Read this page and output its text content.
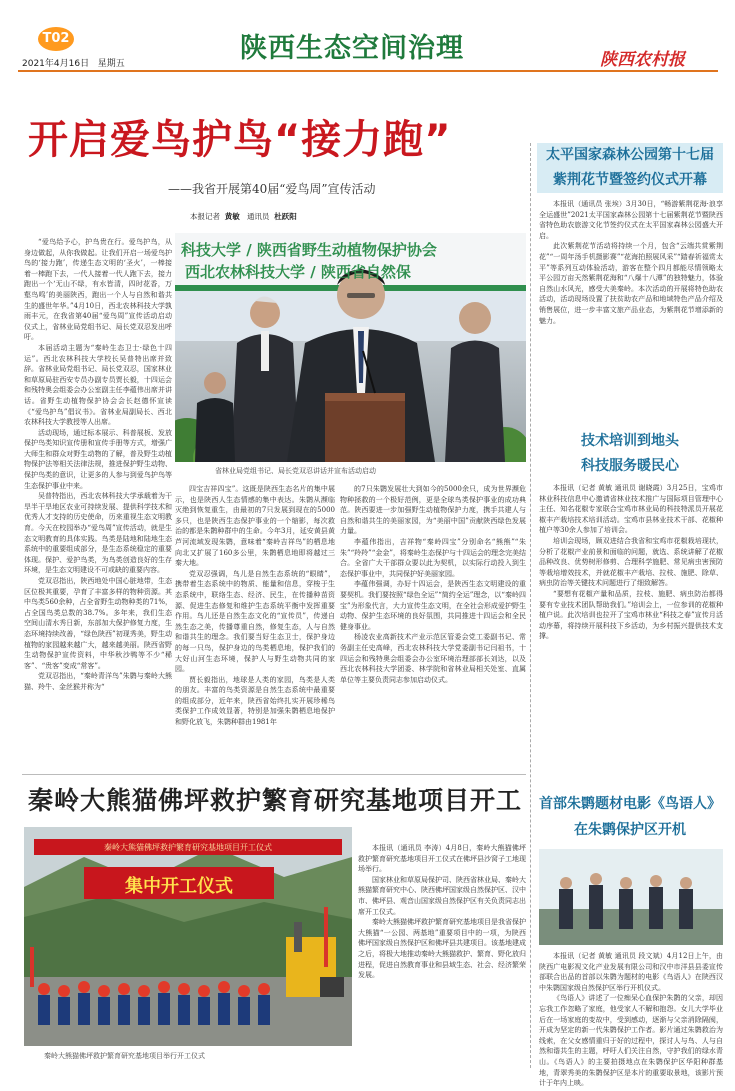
T02	陕西生态空间治理
2021年4月16日 星期五	陕西农村报
开启爱鸟护鸟“接力跑”
——我省开展第40届“爱鸟周”宣传活动
本报记者 黄敏 通讯员 杜跃阳

“爱鸟给予心，护鸟贵在行。爱鸟护鸟，从身边做起，从你我做起。让我们开启一场爱鸟护鸟的‘接力跑’，传递生态文明的‘圣火’，一棒接着一棒跑下去，一代人接着一代人跑下去，接力跑出一个‘无山不绿，有水皆清，四时花香，万壑鸟鸣’的美丽陕西，跑出一个人与自然和谐共生的盛世年华。”4月10日，西北农林科技大学孰雨丰元，在我省第40届“爱鸟周”宣传活动启动仪式上，省林业局党组书记、局长党双忍发出呼吁。

本届活动主题为“秦岭生态卫士·绿色十四运”。西北农林科技大学校长吴普特出席并致辞。省林业局党组书记、局长党双忍，国家林业和草原局驻西安专员办副专员贾长毅，十四运会和残特奥会组委会办公室副主任李蕴伟出席并讲话。省野生动植物保护协会会长赵德怀宣读《“爱鸟护鸟”倡议书》。省林业局副局长、西北农林科技大学教授等人出席。

活动现场，通过标本展示、科普展板、发放保护鸟类知识宣传册和宣传手册等方式，增强广大师生和群众对野生动物的了解，普及野生动植物保护法等相关法律法规，推进保护野生动物、保护鸟类的意识，让更多的人参与到爱鸟护鸟等生态保护事业中来。

吴普特指出，西北农林科技大学承载着为干旱半干旱地区农业可持续发展、提供科学技术和优秀人才支持的历史使命，历来重视生态文明教育。今天在校园举办“爱鸟周”宣传活动，就是生态文明教育的具体实践。鸟类是陆地和陆地生态系统中的重要组成部分，是生态系统稳定的重要体现。保护、爱护鸟类，为鸟类创造良好的生存环境，是生态文明建设不可或缺的重要内容。

党双忍指出，陕西地处中国心脏地带，生态区位极其重要，孕育了丰富多样的物种资源。其中鸟类560余种，占全省野生动物种类的71%，占全国鸟类总数的38.7%。多年来，我们生态空间山清水秀日新，东部加大保护修复力度，生态环境持续改善，“绿色陕西”初现秀美，野生动植物的家园越来越广大，越来越美丽。陕西省野生动物保护宣传资料，中华秋沙鸭等不少“稀客”、“贵客”变成“常客”。

党双忍指出，“秦岭青洋鸟”朱鹮与秦岭大熊猫、羚牛、金丝猴并称为“

科技大学 / 陕西省野生动植物保护协会
西北农林科技大学 / 陕西省自然保
省林业局党组书记、局长党双忍讲话并宣布活动启动

四宝吉祥四宝”。这既是陕西生态名片的集中展示，也是陕西人生态情感的集中表达。朱鹮从濒临灭绝到恢复重生，由最初的7只发展到现在的5000多只，也是陕西生态保护事业的一个缩影，每次救治的都是朱鹮种群中的生命。今年3月，延安黄县黄芦河流域发现朱鹮，意味着“秦岭吉祥鸟”的栖息地向北又扩展了160多公里，朱鹮栖息地即将越过三秦大地。

党双忍强调，鸟儿是自然生态系统的“眼睛”，携带着生态系统中的物质、能量和信息，穿梭于生态系统中，联络生态、经济、民生，在传播种苗资源、促进生态修复和维护生态系统平衡中发挥重要作用。鸟儿还是自然生态文化的“宣传员”，传递自然生态之美，传播尊重自然，修复生态，人与自然和谐共生的理念。我们要当好生态卫士，保护身边的每一只鸟，保护身边的鸟类栖息地，保护我们的大好山河生态环境，保护人与野生动物共同的家园。

贾长毅指出，地球是人类的家园，鸟类是人类的朋友。丰富的鸟类资源是自然生态系统中最重要的组成部分，近年来，陕西省始终扎实开展珍稀鸟类保护工作成效显著，特别是加强朱鹮栖息地保护和野化放飞，朱鹮种群由1981年

的7只朱鹮发展壮大到如今的5000余只，成为世界濒危物种拯救的一个极好范例，更是全球鸟类保护事业的成功典范。陕西要进一步加强野生动植物保护力度，携手共建人与自然和谐共生的美丽家园，为“美丽中国”贡献陕西绿色发展力量。

李蕴伟指出，吉祥物“秦岭四宝”分别命名“熊熊”“朱朱”“羚羚”“金金”，将秦岭生态保护与十四运会的理念完美结合。全省广大干部群众要以此为契机，以实际行动投入到生态保护事业中，共同保护好美丽家园。

李蕴伟强调，办好十四运会，是陕西生态文明建设的重要契机。我们要按照“绿色全运”“简约全运”理念，以“秦岭四宝”为形象代言，大力宣传生态文明，在全社会形成爱护野生动物、保护生态环境的良好氛围，共同推进十四运会和全民健身事业。

杨凌农业高新技术产业示范区管委会党工委副书记、常务副主任史高峰，西北农林科技大学党委副书记闫祖书，十四运会和残特奥会组委会办公室环境治理部部长刘达，以及西北农林科技大学团委、林学院和省林业局相关处室、直属单位等主要负责同志参加启动仪式。

秦岭大熊猫佛坪救护繁育研究基地项目开工
秦岭大熊猫佛坪救护繁育研究基地项目开工仪式
集中开工仪式
秦岭大熊猫佛坪救护繁育研究基地项目举行开工仪式

本报讯（通讯员 李涛）4月8日，秦岭大熊猫佛坪救护繁育研究基地项目开工仪式在佛坪县沙窝子工地现场举行。

国家林业和草原局保护司、陕西省林业局、秦岭大熊猫繁育研究中心、陕西佛坪国家级自然保护区、汉中市、佛坪县、观音山国家级自然保护区有关负责同志出席开工仪式。

秦岭大熊猫佛坪救护繁育研究基地项目是我省保护大熊猫“一公园、两基地”重要项目中的一项，为陕西佛坪国家级自然保护区和佛坪县共建项目。该基地建成之后，将极大地推动秦岭大熊猫救护、繁育、野化放归进程，促进自然教育事业和县域生态、社会、经济繁荣发展。

太平国家森林公园第十七届
紫荆花节暨签约仪式开幕

本报讯（通讯员 张埃）3月30日，“畅游紫荆花海·浪享全运盛世”2021太平国家森林公园第十七届紫荆花节暨陕西省特色助农旅游文化节签约仪式在太平国家森林公园盛大开启。

此次紫荆花节活动将持续一个月，包含“云端共赏紫荆花”“一周年汤手机摄影赛”“花海拍照展风采”“踏春祈福赏太平”等系列互动体验活动，游客在整个四月都能尽情领略太平公园万亩天然紫荆花海和“八爆十八潭”的独特魅力，体验自然山水风光，感受大美秦岭。本次活动的开展将特色助农活动，活动现场设置了扶贫助农产品和地域特色产品介绍及销售展位，进一步丰富文旅产品业态，为紫荆花节增添新的魅力。

技术培训到地头
科技服务暖民心

本报讯（记者 黄敏 通讯员 谢晓霞）3月25日，宝鸡市林业科技信息中心邀请省林业技术推广与国际项目管理中心主任、知名花椒专家联合宝鸡市林业局的科技特派员开展花椒丰产栽培技术培训活动。宝鸡市县林业技术干部、花椒种植户等30余人参加了培训会。

培训会现场，顾双进结合我省和宝鸡市花椒栽培现状，分析了花椒产业前景和面临的问题，就选、系统讲解了花椒品种改良、优势树形修剪、合理科学施肥、常见病虫害预防等栽培增效技术，并就花椒丰产栽培、拉枝、施肥、除草、病虫防治等关键技术问题进行了细致解答。

“要想有花椒产量和品质，拉枝、施肥、病虫防治都得要有专业技术团队帮助我们。”培训会上，一位参训的花椒种植户说。此次培训也拉开了宝鸡市林业“科技之春”宣传月活动序幕，将持续开展科技下乡活动，为乡村振兴提供技术支撑。

首部朱鹮题材电影《鸟语人》
在朱鹮保护区开机

本报讯（记者 黄敏 通讯员 段文斌）4月12日上午，由陕西广电影视文化产业发展有限公司和汉中市洋县县委宣传部联合出品的首部以朱鹮为题材的电影《鸟语人》在陕西汉中朱鹮国家级自然保护区举行开机仪式。

《鸟语人》讲述了一位痴呆心血保护朱鹮的父亲，却因忘我工作忽略了家庭，他受家人不解和抱怨。女儿大学毕业后在一场家庭的变故中，受到感动，逐渐与父亲消除隔阂，开成为坚定的新一代朱鹮保护工作者。影片通过朱鹮救治为线索，在父女感情重归于好的过程中，探讨人与鸟、人与自然和谐共生的主题，呼吁人们关注自然，守护我们的绿水青山。《鸟语人》的主要拍摄地点在朱鹮保护区华阳种群基地，青翠秀美的朱鹮保护区是本片的重要取景地，该影片预计于年内上映。
